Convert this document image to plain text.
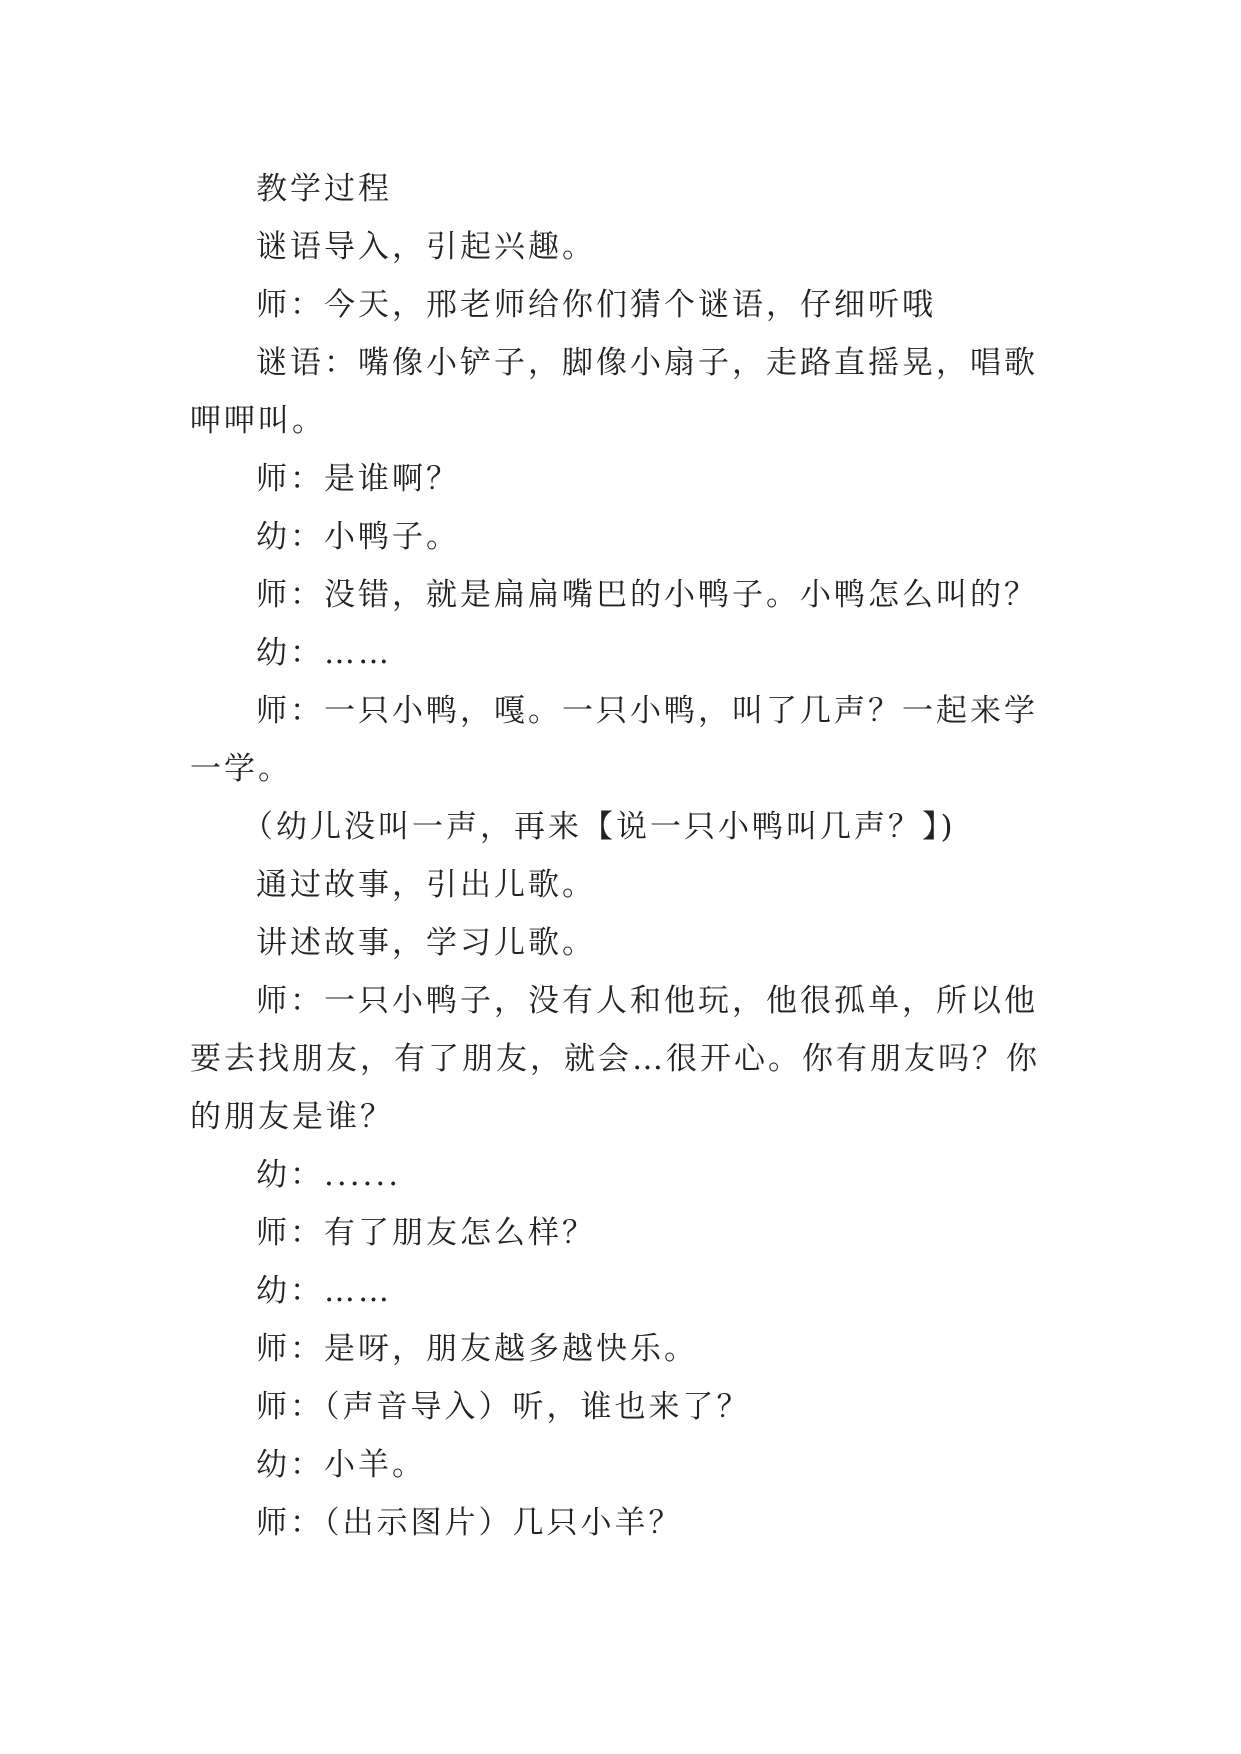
教学过程

谜语导入，引起兴趣。

师：今天，邢老师给你们猜个谜语，仔细听哦

谜语：嘴像小铲子，脚像小扇子，走路直摇晃，唱歌呷呷叫。

师：是谁啊？

幼：小鸭子。

师：没错，就是扁扁嘴巴的小鸭子。小鸭怎么叫的？

幼：……

师：一只小鸭，嘎。一只小鸭，叫了几声？一起来学一学。

（幼儿没叫一声，再来【说一只小鸭叫几声？】)

通过故事，引出儿歌。

讲述故事，学习儿歌。

师：一只小鸭子，没有人和他玩，他很孤单，所以他要去找朋友，有了朋友，就会…很开心。你有朋友吗？你的朋友是谁？

幼：......

师：有了朋友怎么样？

幼：……

师：是呀，朋友越多越快乐。

师：（声音导入）听，谁也来了？

幼：小羊。

师：（出示图片）几只小羊？
